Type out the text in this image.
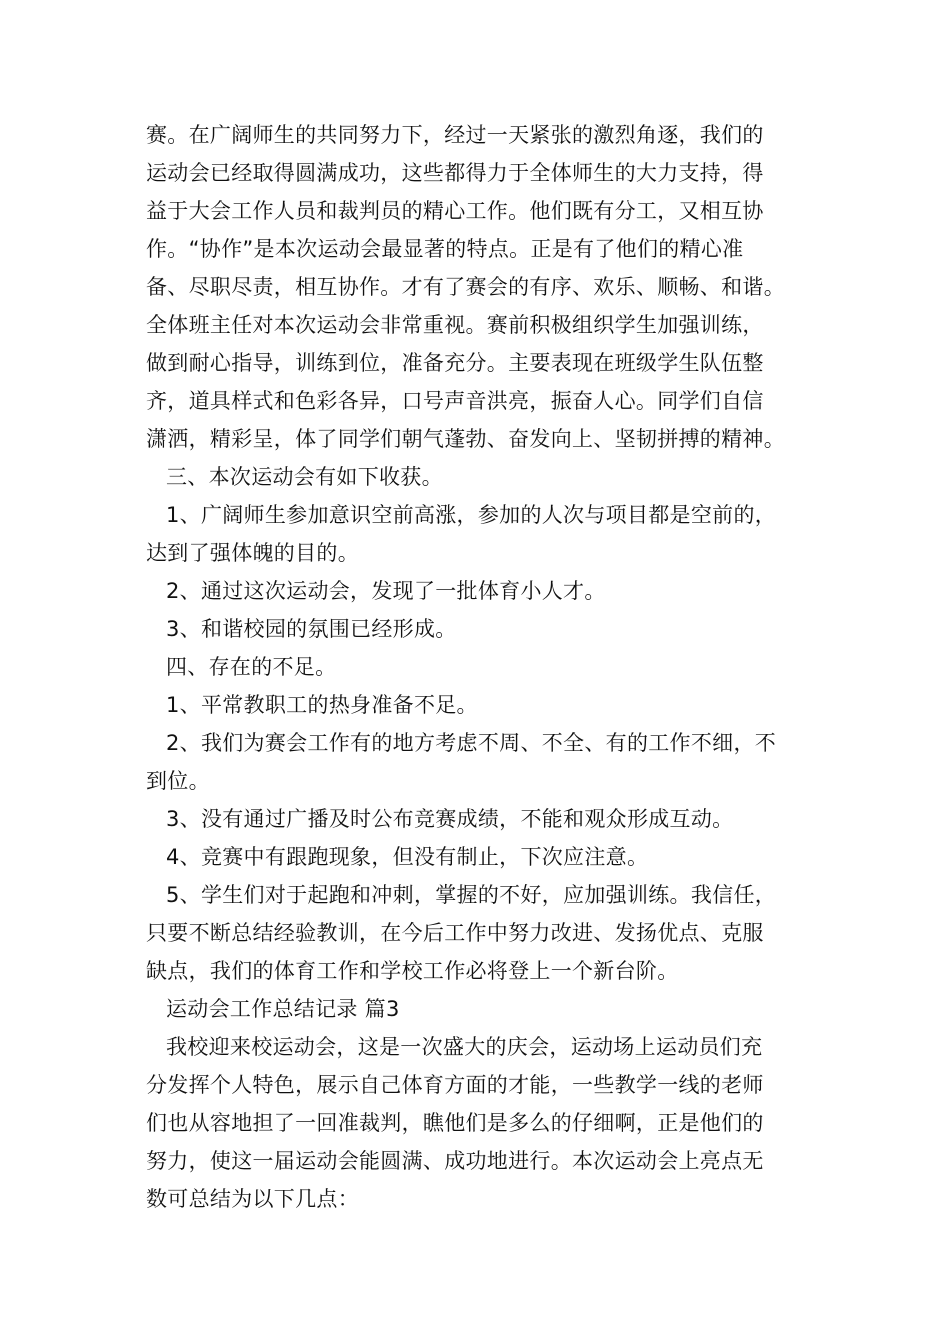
赛。在广阔师生的共同努力下，经过一天紧张的激烈角逐，我们的
运动会已经取得圆满成功，这些都得力于全体师生的大力支持，得
益于大会工作人员和裁判员的精心工作。他们既有分工，又相互协
作。“协作”是本次运动会最显著的特点。正是有了他们的精心准
备、尽职尽责，相互协作。才有了赛会的有序、欢乐、顺畅、和谐。
全体班主任对本次运动会非常重视。赛前积极组织学生加强训练，
做到耐心指导，训练到位，准备充分。主要表现在班级学生队伍整
齐，道具样式和色彩各异，口号声音洪亮，振奋人心。同学们自信
潇洒，精彩呈，体了同学们朝气蓬勃、奋发向上、坚韧拼搏的精神。
三、本次运动会有如下收获。
1、广阔师生参加意识空前高涨，参加的人次与项目都是空前的，
达到了强体魄的目的。
2、通过这次运动会，发现了一批体育小人才。
3、和谐校园的氛围已经形成。
四、存在的不足。
1、平常教职工的热身准备不足。
2、我们为赛会工作有的地方考虑不周、不全、有的工作不细，不
到位。
3、没有通过广播及时公布竞赛成绩，不能和观众形成互动。
4、竞赛中有跟跑现象，但没有制止，下次应注意。
5、学生们对于起跑和冲刺，掌握的不好，应加强训练。我信任，
只要不断总结经验教训，在今后工作中努力改进、发扬优点、克服
缺点，我们的体育工作和学校工作必将登上一个新台阶。
运动会工作总结记录 篇3
我校迎来校运动会，这是一次盛大的庆会，运动场上运动员们充
分发挥个人特色，展示自己体育方面的才能，一些教学一线的老师
们也从容地担了一回准裁判，瞧他们是多么的仔细啊，正是他们的
努力，使这一届运动会能圆满、成功地进行。本次运动会上亮点无
数可总结为以下几点：
